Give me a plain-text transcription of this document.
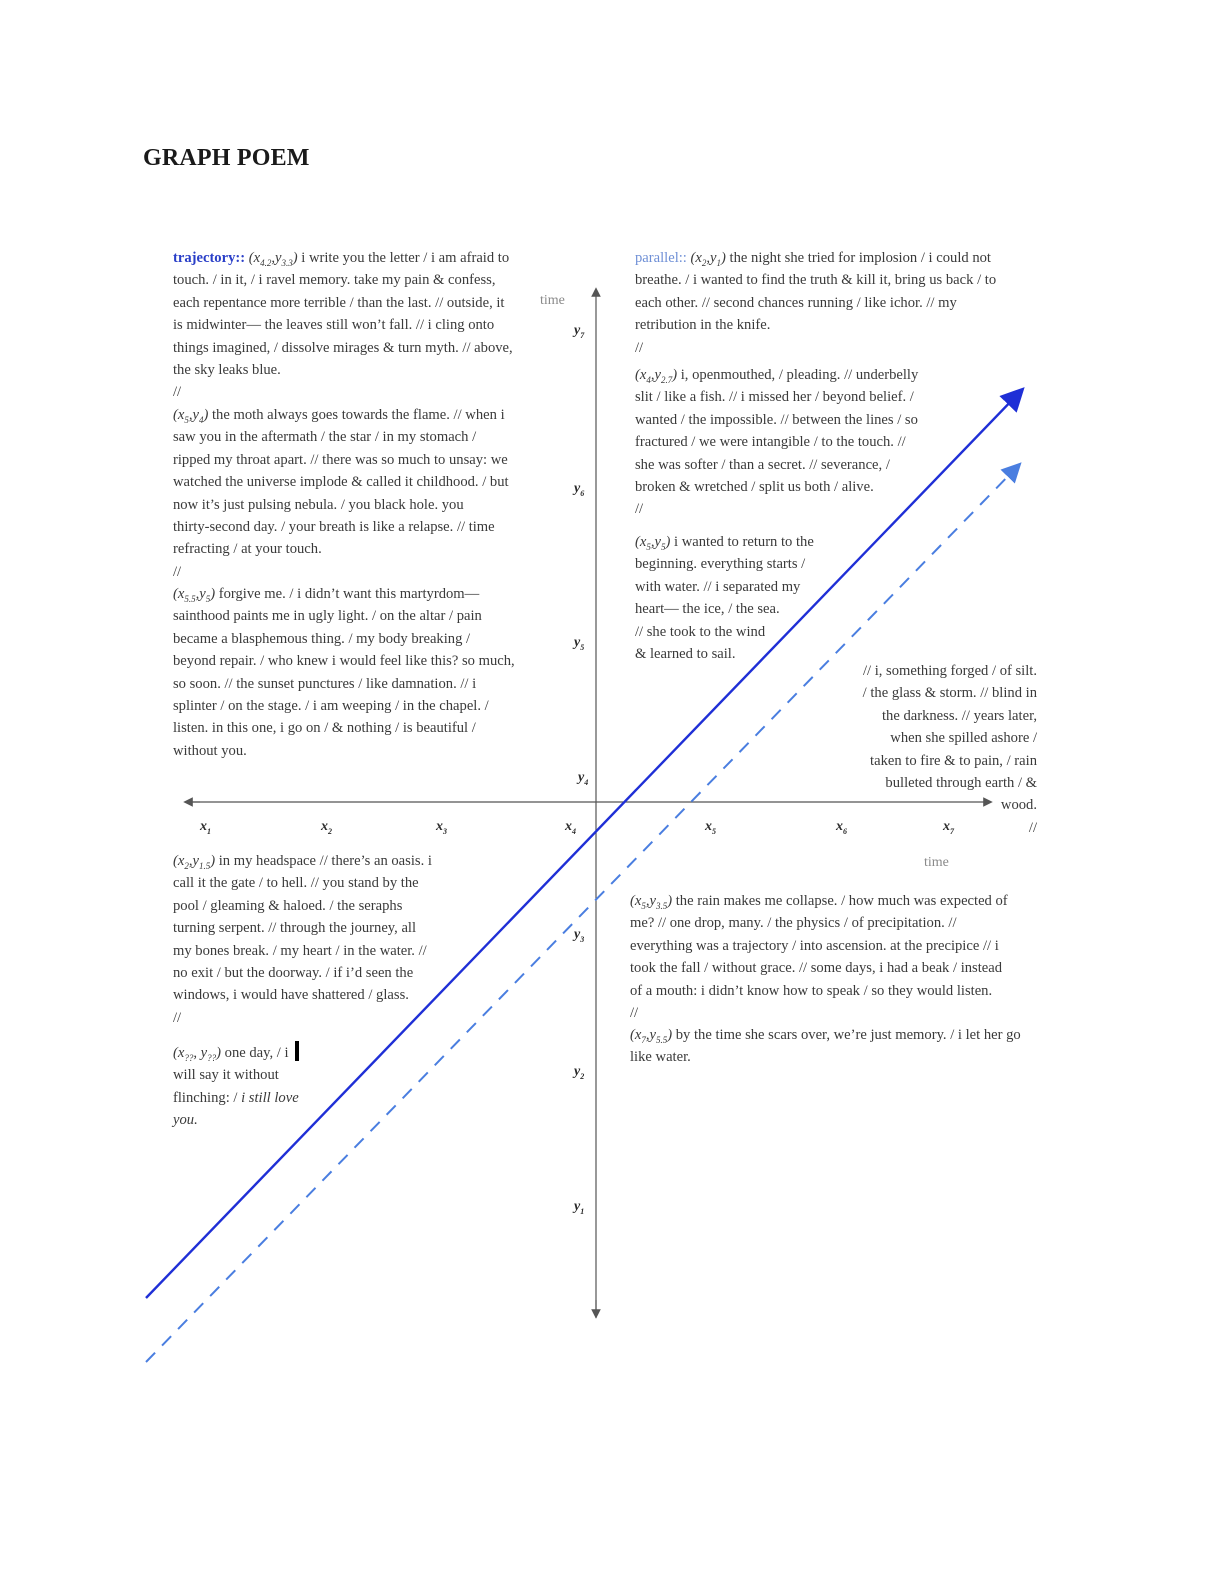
GRAPH POEM
time
time
$x_1$	$x_2$	$x_3$	$x_4$	$x_5$	$x_6$	$x_7$
$y_7$
$y_6$
$y_5$
$y_4$
$y_3$
$y_2$
$y_1$
trajectory:: $(x_{4.2},y_{3.3})$ i write you the letter / i am afraid to
touch. / in it, / i ravel memory. take my pain & confess,
each repentance more terrible / than the last. // outside, it
is midwinter— the leaves still won’t fall. // i cling onto
things imagined, / dissolve mirages & turn myth. // above,
the sky leaks blue.
//
$(x_5,y_4)$ the moth always goes towards the flame. // when i
saw you in the aftermath / the star / in my stomach /
ripped my throat apart. // there was so much to unsay: we
watched the universe implode & called it childhood. / but
now it’s just pulsing nebula. / you black hole. you
thirty-second day. / your breath is like a relapse. // time
refracting / at your touch.
//
$(x_{5.5},y_5)$ forgive me. / i didn’t want this martyrdom—
sainthood paints me in ugly light. / on the altar / pain
became a blasphemous thing. / my body breaking /
beyond repair. / who knew i would feel like this? so much,
so soon. // the sunset punctures / like damnation. // i
splinter / on the stage. / i am weeping / in the chapel. /
listen. in this one, i go on / & nothing / is beautiful /
without you.
$(x_2,y_{1.5})$ in my headspace // there’s an oasis. i
call it the gate / to hell. // you stand by the
pool / gleaming & haloed. / the seraphs
turning serpent. // through the journey, all
my bones break. / my heart / in the water. //
no exit / but the doorway. / if i’d seen the
windows, i would have shattered / glass.
//
($x_{??}$, $y_{??}$) one day, / i
will say it without
flinching: / i still love
you.
parallel:: $(x_2,y_1)$ the night she tried for implosion / i could not
breathe. / i wanted to find the truth & kill it, bring us back / to
each other. // second chances running / like ichor. // my
retribution in the knife.
//
$(x_4,y_{2.7})$ i, openmouthed, / pleading. // underbelly
slit / like a fish. // i missed her / beyond belief. /
wanted / the impossible. // between the lines / so
fractured / we were intangible / to the touch. //
she was softer / than a secret. // severance, /
broken & wretched / split us both / alive.
//
$(x_5,y_5)$ i wanted to return to the
beginning. everything starts /
with water. // i separated my
heart— the ice, / the sea.
// she took to the wind
& learned to sail.
// i, something forged / of silt.
/ the glass & storm. // blind in
the darkness. // years later,
when she spilled ashore /
taken to fire & to pain, / rain
bulleted through earth / &
wood.
//
$(x_5,y_{3.5})$ the rain makes me collapse. / how much was expected of
me? // one drop, many. / the physics / of precipitation. //
everything was a trajectory / into ascension. at the precipice // i
took the fall / without grace. // some days, i had a beak / instead
of a mouth: i didn’t know how to speak / so they would listen.
//
$(x_7,y_{5.5})$ by the time she scars over, we’re just memory. / i let her go
like water.
